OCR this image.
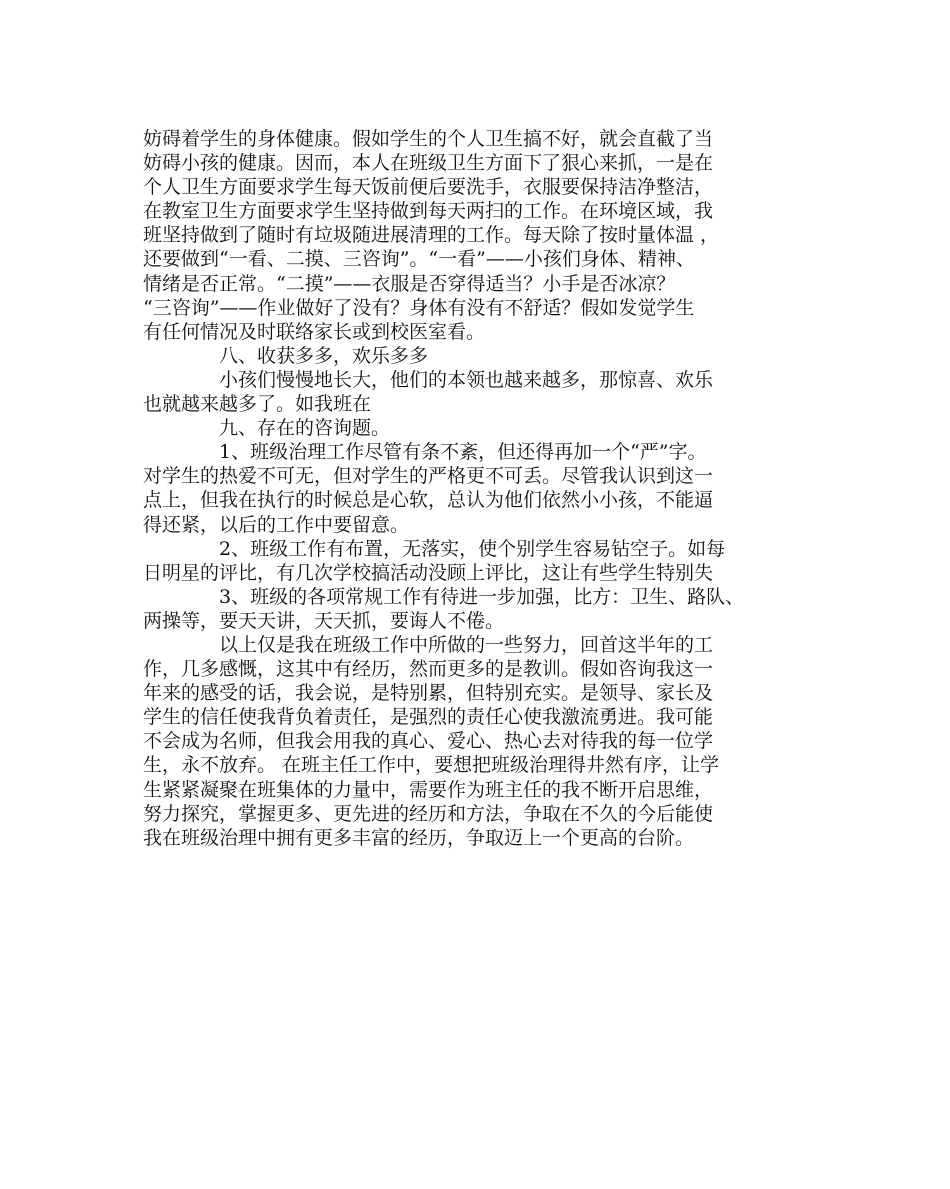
妨碍着学生的身体健康。假如学生的个人卫生搞不好，就会直截了当
妨碍小孩的健康。因而，本人在班级卫生方面下了狠心来抓，一是在
个人卫生方面要求学生每天饭前便后要洗手，衣服要保持洁净整洁，
在教室卫生方面要求学生坚持做到每天两扫的工作。在环境区域，我
班坚持做到了随时有垃圾随进展清理的工作。每天除了按时量体温 ，
还要做到“一看、二摸、三咨询”。“一看”——小孩们身体、精神、
情绪是否正常。“二摸”——衣服是否穿得适当？小手是否冰凉？
“三咨询”——作业做好了没有？身体有没有不舒适？假如发觉学生
有任何情况及时联络家长或到校医室看。
　　　　八、收获多多，欢乐多多
　　　　小孩们慢慢地长大，他们的本领也越来越多，那惊喜、欢乐
也就越来越多了。如我班在
　　　　九、存在的咨询题。
　　　　1、班级治理工作尽管有条不紊，但还得再加一个“严”字。
对学生的热爱不可无，但对学生的严格更不可丢。尽管我认识到这一
点上，但我在执行的时候总是心软，总认为他们依然小小孩，不能逼
得还紧，以后的工作中要留意。
　　　　2、班级工作有布置，无落实，使个别学生容易钻空子。如每
日明星的评比，有几次学校搞活动没顾上评比，这让有些学生特别失
　　　　3、班级的各项常规工作有待进一步加强，比方：卫生、路队、
两操等，要天天讲，天天抓，要诲人不倦。
　　　　以上仅是我在班级工作中所做的一些努力，回首这半年的工
作，几多感慨，这其中有经历，然而更多的是教训。假如咨询我这一
年来的感受的话，我会说，是特别累，但特别充实。是领导、家长及
学生的信任使我背负着责任，是强烈的责任心使我激流勇进。我可能
不会成为名师，但我会用我的真心、爱心、热心去对待我的每一位学
生，永不放弃。 在班主任工作中，要想把班级治理得井然有序，让学
生紧紧凝聚在班集体的力量中，需要作为班主任的我不断开启思维，
努力探究，掌握更多、更先进的经历和方法，争取在不久的今后能使
我在班级治理中拥有更多丰富的经历，争取迈上一个更高的台阶。
